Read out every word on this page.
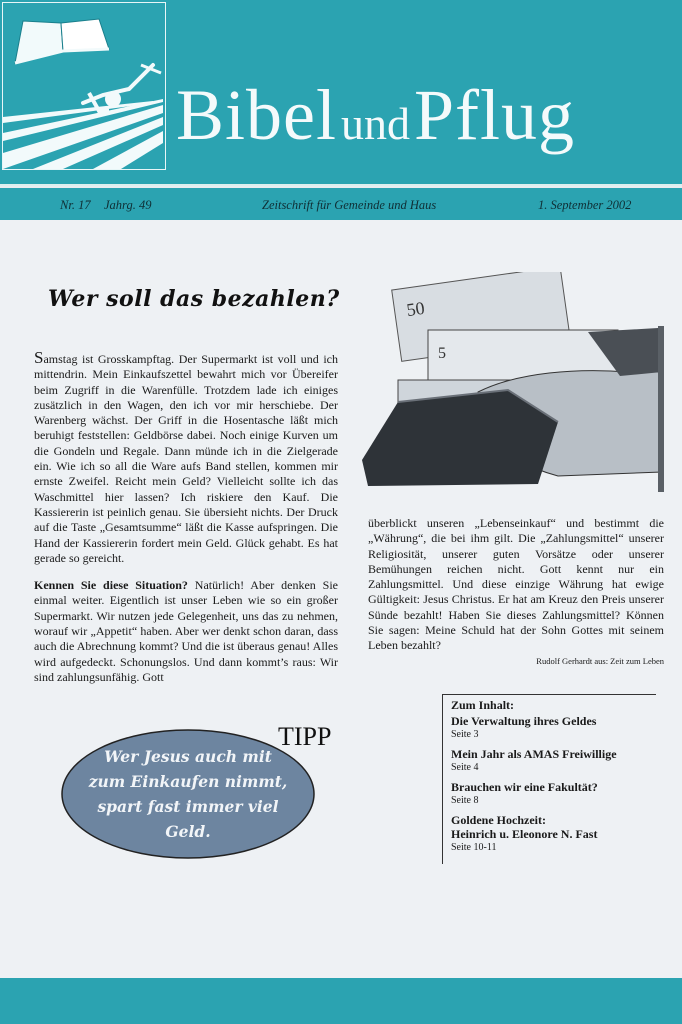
Bibel und Pflug
Nr. 17 Jahrg. 49	Zeitschrift für Gemeinde und Haus	1. September 2002
Wer soll das bezahlen?	50
5

Samstag ist Grosskampftag. Der Supermarkt ist voll und ich mittendrin. Mein Einkaufszettel bewahrt mich vor Übereifer beim Zugriff in die Warenfülle. Trotzdem lade ich einiges zusätzlich in den Wagen, den ich vor mir herschiebe. Der Warenberg wächst. Der Griff in die Hosentasche läßt mich beruhigt feststellen: Geldbörse dabei. Noch einige Kurven um die Gondeln und Regale. Dann münde ich in die Zielgerade ein. Wie ich so all die Ware aufs Band stellen, kommen mir ernste Zweifel. Reicht mein Geld? Vielleicht sollte ich das Waschmittel hier lassen? Ich riskiere den Kauf. Die Kassiererin ist peinlich genau. Sie übersieht nichts. Der Druck auf die Taste „Gesamtsumme“ läßt die Kasse aufspringen. Die Hand der Kassiererin fordert mein Geld. Glück gehabt. Es hat gerade so gereicht.

Kennen Sie diese Situation? Natürlich! Aber denken Sie einmal weiter. Eigentlich ist unser Leben wie so ein großer Supermarkt. Wir nutzen jede Gelegenheit, uns das zu nehmen, worauf wir „Appetit“ haben. Aber wer denkt schon daran, dass auch die Abrechnung kommt? Und die ist überaus genau! Alles wird aufgedeckt. Schonungslos. Und dann kommt’s raus: Wir sind zahlungsunfähig. Gott

überblickt unseren „Lebenseinkauf“ und bestimmt die „Währung“, die bei ihm gilt. Die „Zahlungsmittel“ unserer Religiosität, unserer guten Vorsätze oder unserer Bemühungen reichen nicht. Gott kennt nur ein Zahlungsmittel. Und diese einzige Währung hat ewige Gültigkeit: Jesus Christus. Er hat am Kreuz den Preis unserer Sünde bezahlt! Haben Sie dieses Zahlungsmittel? Können Sie sagen: Meine Schuld hat der Sohn Gottes mit seinem Leben bezahlt?

Rudolf Gerhardt aus: Zeit zum Leben
TIPP
Wer Jesus auch mit
zum Einkaufen nimmt,
spart fast immer viel
Geld.
Zum Inhalt:
Die Verwaltung ihres Geldes
Seite 3
Mein Jahr als AMAS Freiwillige
Seite 4
Brauchen wir eine Fakultät?
Seite 8
Goldene Hochzeit:
Heinrich u. Eleonore N. Fast
Seite 10-11
